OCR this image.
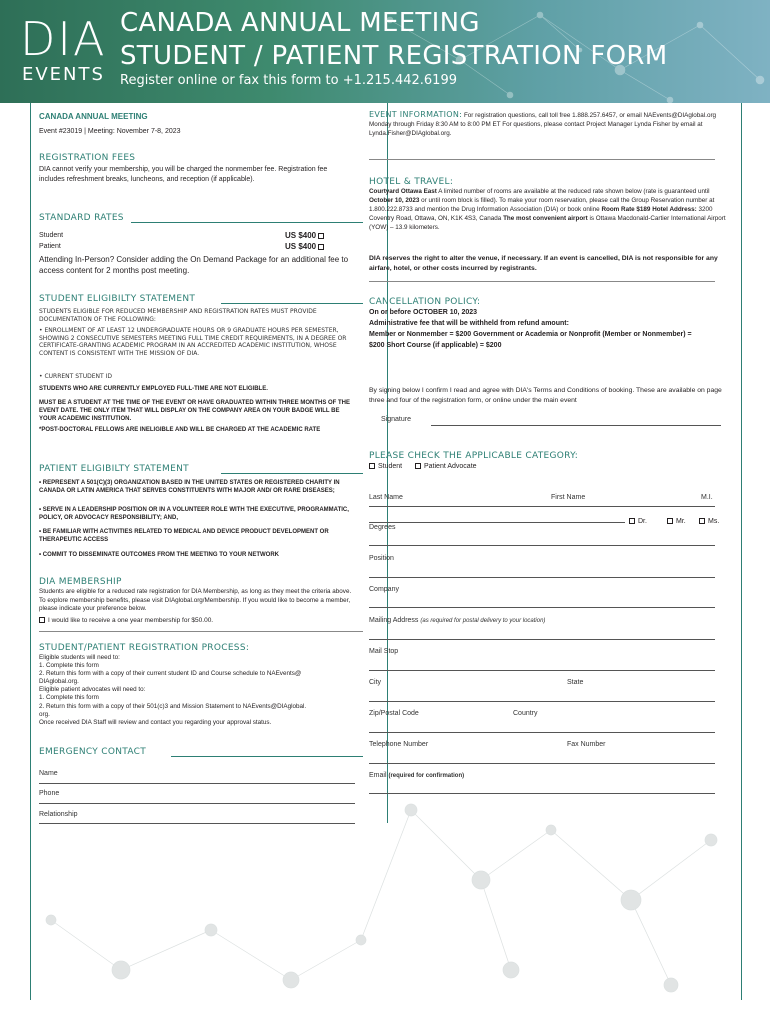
DIA
EVENTS
CANADA ANNUAL MEETING
STUDENT / PATIENT REGISTRATION FORM
Register online or fax this form to +1.215.442.6199
CANADA ANNUAL MEETING
Event #23019 | Meeting: November 7-8, 2023
REGISTRATION FEES
DIA cannot verify your membership, you will be charged the nonmember fee. Registration fee includes refreshment breaks, luncheons, and reception (if applicable).
STANDARD RATES
Student	US $400
Patient	US $400
Attending In-Person? Consider adding the On Demand Package for an additional fee to access content for 2 months post meeting.
STUDENT ELIGIBILTY STATEMENT
STUDENTS ELIGIBLE FOR REDUCED MEMBERSHIP AND REGISTRATION RATES MUST PROVIDE DOCUMENTATION OF THE FOLLOWING:
• ENROLLMENT OF AT LEAST 12 UNDERGRADUATE HOURS OR 9 GRADUATE HOURS PER SEMESTER, SHOWING 2 CONSECUTIVE SEMESTERS MEETING FULL TIME CREDIT REQUIREMENTS, IN A DEGREE OR CERTIFICATE-GRANTING ACADEMIC PROGRAM IN AN ACCREDITED ACADEMIC INSTITUTION, WHOSE CONTENT IS CONSISTENT WITH THE MISSION OF DIA.
• CURRENT STUDENT ID
STUDENTS WHO ARE CURRENTLY EMPLOYED FULL-TIME ARE NOT ELIGIBLE.
MUST BE A STUDENT AT THE TIME OF THE EVENT OR HAVE GRADUATED WITHIN THREE MONTHS OF THE EVENT DATE. THE ONLY ITEM THAT WILL DISPLAY ON THE COMPANY AREA ON YOUR BADGE WILL BE YOUR ACADEMIC INSTITUTION.
*POST-DOCTORAL FELLOWS ARE INELIGIBLE AND WILL BE CHARGED AT THE ACADEMIC RATE
PATIENT ELIGIBILTY STATEMENT
• REPRESENT A 501(C)(3) ORGANIZATION BASED IN THE UNITED STATES OR REGISTERED CHARITY IN CANADA OR LATIN AMERICA THAT SERVES CONSTITUENTS WITH MAJOR AND/ OR RARE DISEASES;
• SERVE IN A LEADERSHIP POSITION OR IN A VOLUNTEER ROLE WITH THE EXECUTIVE, PROGRAMMATIC, POLICY, OR ADVOCACY RESPONSIBILITY; AND,
• BE FAMILIAR WITH ACTIVITIES RELATED TO MEDICAL AND DEVICE PRODUCT DEVELOPMENT OR THERAPEUTIC ACCESS
• COMMIT TO DISSEMINATE OUTCOMES FROM THE MEETING TO YOUR NETWORK
DIA MEMBERSHIP
Students are eligible for a reduced rate registration for DIA Membership, as long as they meet the criteria above. To explore membership benefits, please visit DIAglobal.org/Membership. If you would like to become a member, please indicate your preference below.
I would like to receive a one year membership for $50.00.
STUDENT/PATIENT REGISTRATION PROCESS:
Eligible students will need to:
1. Complete this form
2. Return this form with a copy of their current student ID and Course schedule to NAEvents@
DIAglobal.org.
Eligible patient advocates will need to:
1. Complete this form
2. Return this form with a copy of their 501(c)3 and Mission Statement to NAEvents@DIAglobal.
org.
Once received DIA Staff will review and contact you regarding your approval status.
EMERGENCY CONTACT
Name
Phone
Relationship
EVENT INFORMATION: For registration questions, call toll free 1.888.257.6457, or email NAEvents@DIAglobal.org Monday through Friday 8:30 AM to 8:00 PM ET For questions, please contact Project Manager Lynda Fisher by email at Lynda.Fisher@DIAglobal.org.
HOTEL & TRAVEL:
Courtyard Ottawa East A limited number of rooms are available at the reduced rate shown below (rate is guaranteed until October 10, 2023 or until room block is filled). To make your room reservation, please call the Group Reservation number at 1.800.222.8733 and mention the Drug Information Association (DIA) or book online Room Rate $189 Hotel Address: 3200 Coventry Road, Ottawa, ON, K1K 4S3, Canada The most convenient airport is Ottawa Macdonald-Cartier International Airport (YOW) – 13.9 kilometers.
DIA reserves the right to alter the venue, if necessary. If an event is cancelled, DIA is not responsible for any airfare, hotel, or other costs incurred by registrants.
CANCELLATION POLICY:
On or before OCTOBER 10, 2023
Administrative fee that will be withheld from refund amount:
Member or Nonmember = $200 Government or Academia or Nonprofit (Member or Nonmember) = $200 Short Course (if applicable) = $200
By signing below I confirm I read and agree with DIA's Terms and Conditions of booking. These are available on page three and four of the registration form, or online under the main event
Signature
PLEASE CHECK THE APPLICABLE CATEGORY:
Student	Patient Advocate
Last Name	First Name	M.I.
Dr.	Mr.	Ms.
Degrees
Position
Company
Mailing Address (as required for postal delivery to your location)
Mail Stop
City	State
Zip/Postal Code	Country
Telephone Number	Fax Number
Email (required for confirmation)
